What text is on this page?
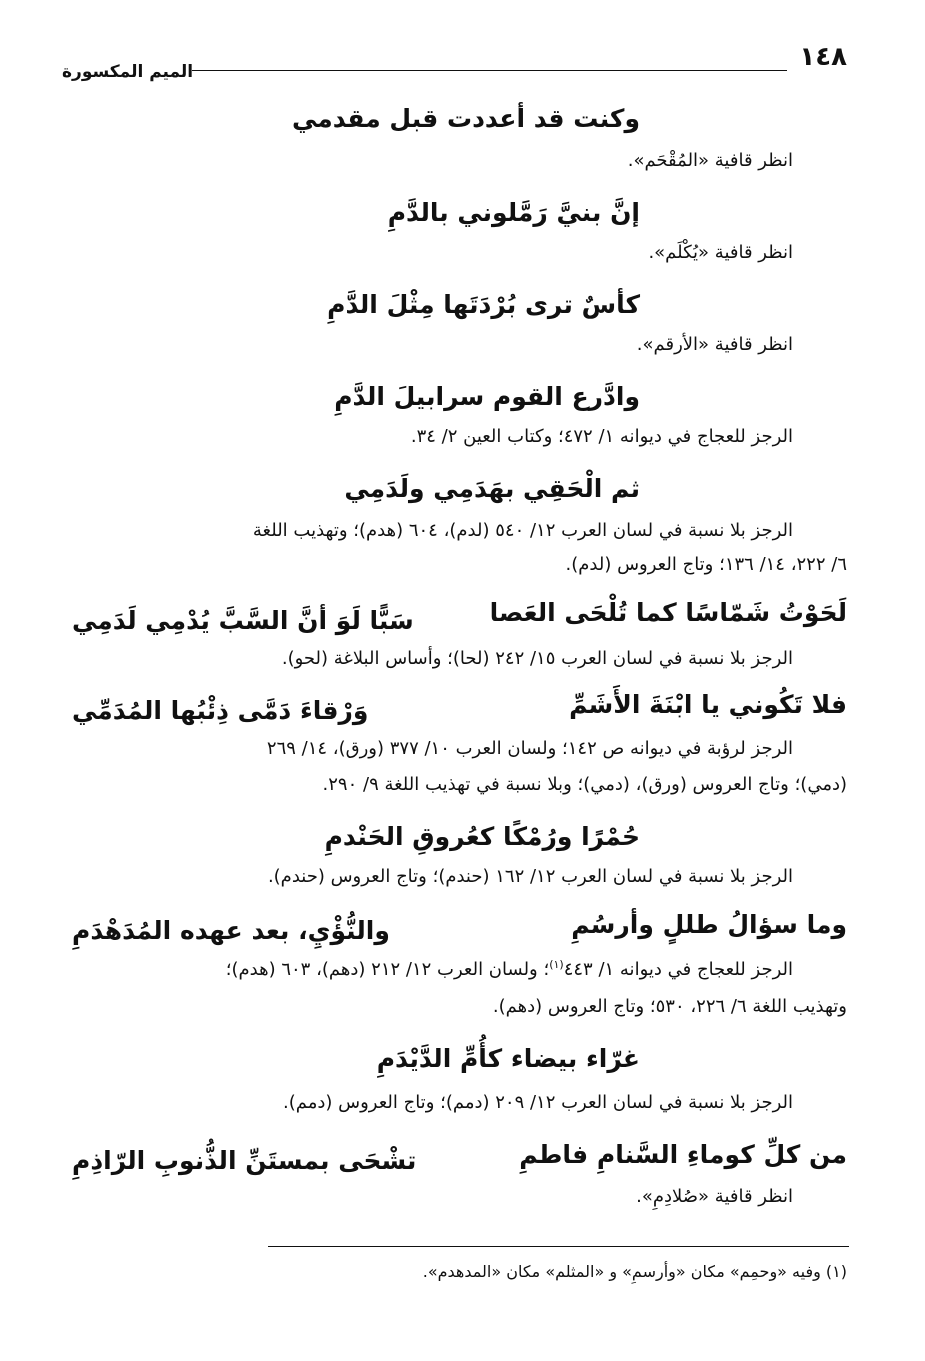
١٤٨
الميم المكسورة
وكنت قد أعددت قبل مقدمي
انظر قافية «المُقْحَم».
إنَّ بنيَّ رَمَّلوني بالدَّمِ
انظر قافية «يُكْلَم».
كأسٌ ترى بُرْدَتَها مِثْلَ الدَّمِ
انظر قافية «الأرقم».
وادَّرع القوم سرابيلَ الدَّمِ
الرجز للعجاج في ديوانه ١/ ٤٧٢؛ وكتاب العين ٢/ ٣٤.
ثم الْحَقِي بهَدَمِي ولَدَمِي
الرجز بلا نسبة في لسان العرب ١٢/ ٥٤٠ (لدم)، ٦٠٤ (هدم)؛ وتهذيب اللغة
٦/ ٢٢٢، ١٤/ ١٣٦؛ وتاج العروس (لدم).
لَحَوْتُ شَمّاسًا كما تُلْحَى العَصا
سَبًّا لَوَ أنَّ السَّبَّ يُدْمِي لَدَمِي
الرجز بلا نسبة في لسان العرب ١٥/ ٢٤٢ (لحا)؛ وأساس البلاغة (لحو).
فلا تَكُوني يا ابْنَةَ الأَشَمِّ
وَرْقاءَ دَمَّى ذِئْبُها المُدَمِّي
الرجز لرؤبة في ديوانه ص ١٤٢؛ ولسان العرب ١٠/ ٣٧٧ (ورق)، ١٤/ ٢٦٩
(دمي)؛ وتاج العروس (ورق)، (دمي)؛ وبلا نسبة في تهذيب اللغة ٩/ ٢٩٠.
حُمْرًا ورُمْكًا كعُروقِ الحَنْدمِ
الرجز بلا نسبة في لسان العرب ١٢/ ١٦٢ (حندم)؛ وتاج العروس (حندم).
وما سؤالُ طللٍ وأرسُمِ
والنُّؤْيِ، بعد عهده المُدَهْدَمِ
الرجز للعجاج في ديوانه ١/ ٤٤٣$^{(١)}$؛ ولسان العرب ١٢/ ٢١٢ (دهم)، ٦٠٣ (هدم)؛
وتهذيب اللغة ٦/ ٢٢٦، ٥٣٠؛ وتاج العروس (دهم).
غرّاء بيضاء كأُمِّ الدَّيْدَمِ
الرجز بلا نسبة في لسان العرب ١٢/ ٢٠٩ (دمم)؛ وتاج العروس (دمم).
من كلِّ كوماءِ السَّنامِ فاطمِ
تشْحَى بمستَنِّ الذُّنوبِ الرّاذِمِ
انظر قافية «صُلادِمِ».
(١) وفيه «وحمِم» مكان «وأرسمِ» و «المثلم» مكان «المدهدم».
